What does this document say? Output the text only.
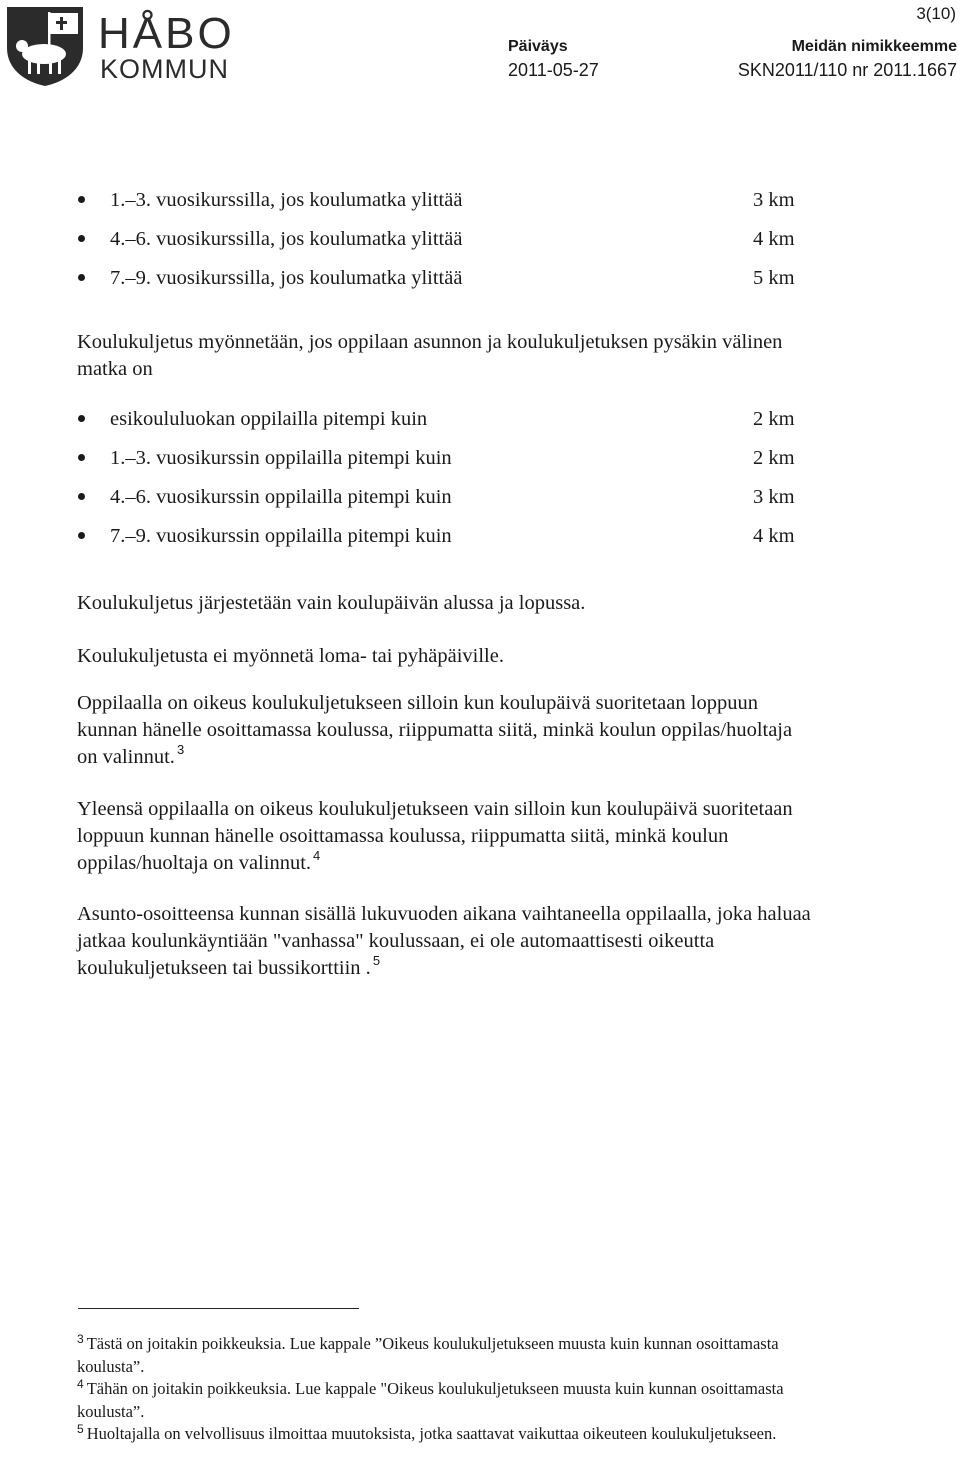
HÅBO
KOMMUN
3(10)
Päiväys
2011-05-27
Meidän nimikkeemme
SKN2011/110 nr 2011.1667
1.–3. vuosikurssilla, jos koulumatka ylittää	3 km
4.–6. vuosikurssilla, jos koulumatka ylittää	4 km
7.–9. vuosikurssilla, jos koulumatka ylittää	5 km

Koulukuljetus myönnetään, jos oppilaan asunnon ja koulukuljetuksen pysäkin välinen matka on

esikoululuokan oppilailla pitempi kuin	2 km
1.–3. vuosikurssin oppilailla pitempi kuin	2 km
4.–6. vuosikurssin oppilailla pitempi kuin	3 km
7.–9. vuosikurssin oppilailla pitempi kuin	4 km

Koulukuljetus järjestetään vain koulupäivän alussa ja lopussa.

Koulukuljetusta ei myönnetä loma- tai pyhäpäiville.

Oppilaalla on oikeus koulukuljetukseen silloin kun koulupäivä suoritetaan loppuun kunnan hänelle osoittamassa koulussa, riippumatta siitä, minkä koulun oppilas/huoltaja on valinnut. $^3$

Yleensä oppilaalla on oikeus koulukuljetukseen vain silloin kun koulupäivä suoritetaan loppuun kunnan hänelle osoittamassa koulussa, riippumatta siitä, minkä koulun oppilas/huoltaja on valinnut. $^4$

Asunto-osoitteensa kunnan sisällä lukuvuoden aikana vaihtaneella oppilaalla, joka haluaa jatkaa koulunkäyntiään "vanhassa" koulussaan, ei ole automaattisesti oikeutta koulukuljetukseen tai bussikorttiin . $^5$

$^3$ Tästä on joitakin poikkeuksia. Lue kappale ”Oikeus koulukuljetukseen muusta kuin kunnan osoittamasta koulusta”.
$^4$ Tähän on joitakin poikkeuksia. Lue kappale "Oikeus koulukuljetukseen muusta kuin kunnan osoittamasta koulusta”.
$^5$ Huoltajalla on velvollisuus ilmoittaa muutoksista, jotka saattavat vaikuttaa oikeuteen koulukuljetukseen.
